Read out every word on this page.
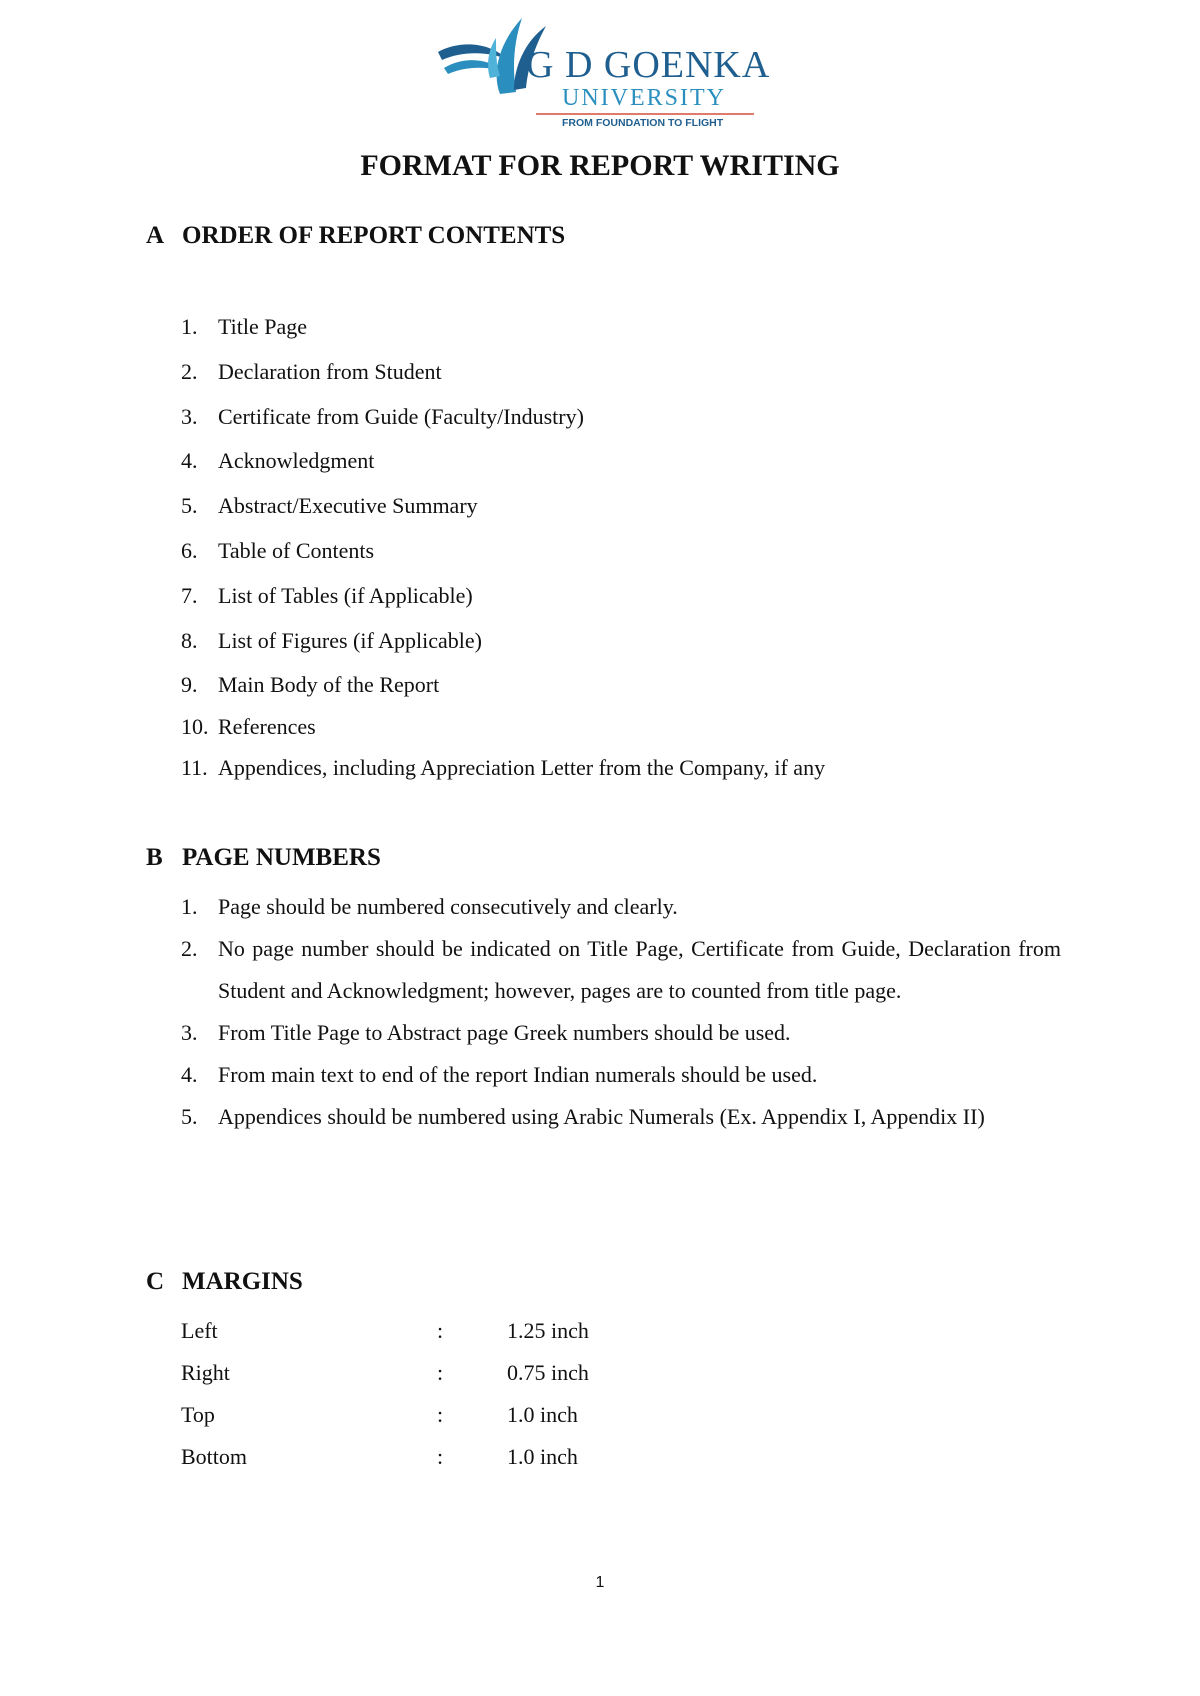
G D GOENKA
UNIVERSITY
FROM FOUNDATION TO FLIGHT
FORMAT FOR REPORT WRITING
A ORDER OF REPORT CONTENTS
1. Title Page
2. Declaration from Student
3. Certificate from Guide (Faculty/Industry)
4. Acknowledgment
5. Abstract/Executive Summary
6. Table of Contents
7. List of Tables (if Applicable)
8. List of Figures (if Applicable)
9. Main Body of the Report
10. References
11. Appendices, including Appreciation Letter from the Company, if any
B PAGE NUMBERS
1. Page should be numbered consecutively and clearly.
2. No page number should be indicated on Title Page, Certificate from Guide, Declaration from Student and Acknowledgment; however, pages are to counted from title page.
3. From Title Page to Abstract page Greek numbers should be used.
4. From main text to end of the report Indian numerals should be used.
5. Appendices should be numbered using Arabic Numerals (Ex. Appendix I, Appendix II)
C MARGINS
Left	:	1.25 inch
Right	:	0.75 inch
Top	:	1.0 inch
Bottom	:	1.0 inch
1
